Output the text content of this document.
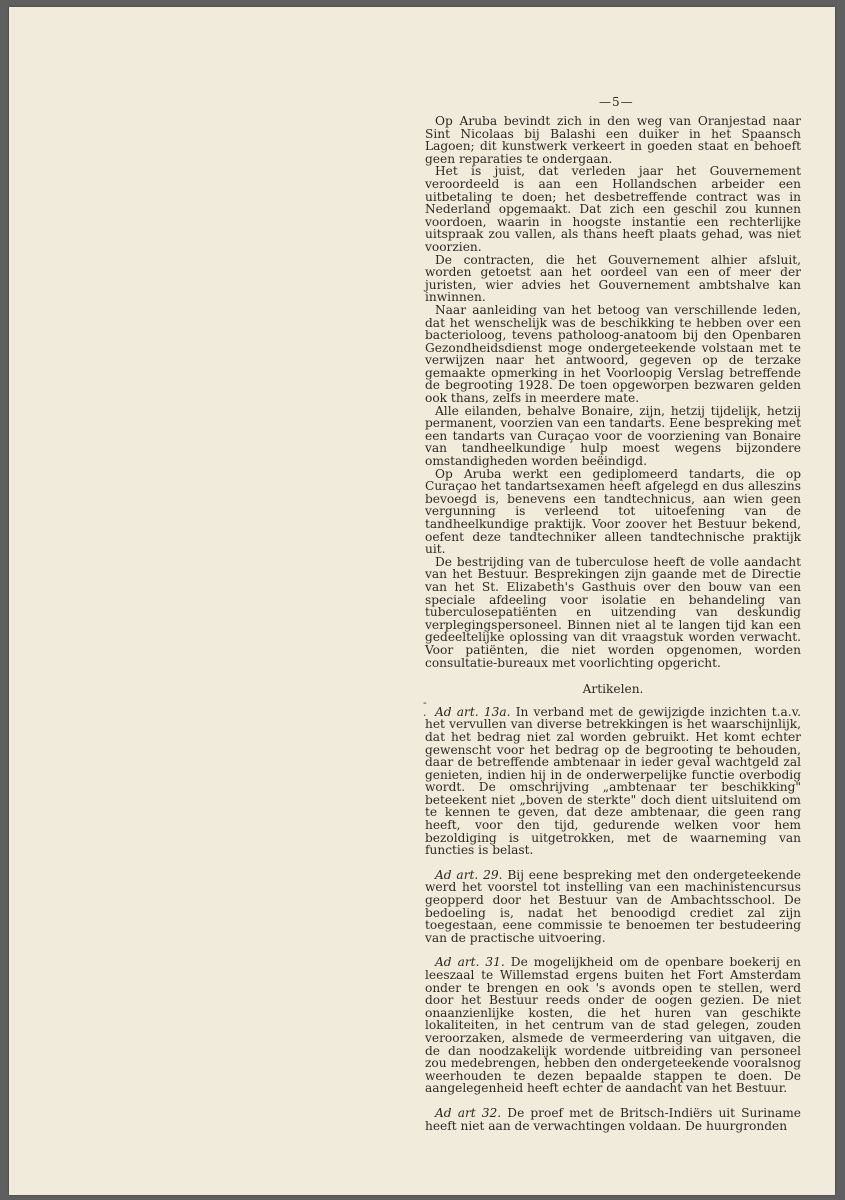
—5—
-
·

Op Aruba bevindt zich in den weg van Oranjestad naar Sint Nicolaas bij Balashi een duiker in het Spaansch Lagoen; dit kunstwerk verkeert in goeden staat en behoeft geen reparaties te ondergaan.

Het is juist, dat verleden jaar het Gouvernement veroordeeld is aan een Hollandschen arbeider een uitbetaling te doen; het desbetreffende contract was in Nederland opgemaakt. Dat zich een geschil zou kunnen voordoen, waarin in hoogste instantie een rechterlijke uitspraak zou vallen, als thans heeft plaats gehad, was niet voorzien.

De contracten, die het Gouvernement alhier afsluit, worden getoetst aan het oordeel van een of meer der juristen, wier advies het Gouvernement ambtshalve kan inwinnen.

Naar aanleiding van het betoog van verschillende leden, dat het wenschelijk was de beschikking te hebben over een bacterioloog, tevens patholoog-anatoom bij den Openbaren Gezondheidsdienst moge ondergeteekende volstaan met te verwijzen naar het antwoord, gegeven op de terzake gemaakte opmerking in het Voorloopig Verslag betreffende de begrooting 1928. De toen opgeworpen bezwaren gelden ook thans, zelfs in meerdere mate.

Alle eilanden, behalve Bonaire, zijn, hetzij tijdelijk, hetzij permanent, voorzien van een tandarts. Eene bespreking met een tandarts van Curaçao voor de voorziening van Bonaire van tandheelkundige hulp moest wegens bijzondere omstandigheden worden beëindigd.

Op Aruba werkt een gediplomeerd tandarts, die op Curaçao het tandartsexamen heeft afgelegd en dus alleszins bevoegd is, benevens een tandtechnicus, aan wien geen vergunning is verleend tot uitoefening van de tandheelkundige praktijk. Voor zoover het Bestuur bekend, oefent deze tandtechniker alleen tandtechnische praktijk uit.

De bestrijding van de tuberculose heeft de volle aandacht van het Bestuur. Besprekingen zijn gaande met de Directie van het St. Elizabeth's Gasthuis over den bouw van een speciale afdeeling voor isolatie en behandeling van tuberculosepatiënten en uitzending van deskundig verplegingspersoneel. Binnen niet al te langen tijd kan een gedeeltelijke oplossing van dit vraagstuk worden verwacht. Voor patiënten, die niet worden opgenomen, worden consultatie-bureaux met voorlichting opgericht.

Artikelen.

Ad art. 13a. In verband met de gewijzigde inzichten t.a.v. het vervullen van diverse betrekkingen is het waarschijnlijk, dat het bedrag niet zal worden gebruikt. Het komt echter gewenscht voor het bedrag op de begrooting te behouden, daar de betreffende ambtenaar in ieder geval wachtgeld zal genieten, indien hij in de onderwerpelijke functie overbodig wordt. De omschrijving „ambtenaar ter beschikking" beteekent niet „boven de sterkte" doch dient uitsluitend om te kennen te geven, dat deze ambtenaar, die geen rang heeft, voor den tijd, gedurende welken voor hem bezoldiging is uitgetrokken, met de waarneming van functies is belast.

Ad art. 29. Bij eene bespreking met den ondergeteekende werd het voorstel tot instelling van een machinistencursus geopperd door het Bestuur van de Ambachtsschool. De bedoeling is, nadat het benoodigd crediet zal zijn toegestaan, eene commissie te benoemen ter bestudeering van de practische uitvoering.

Ad art. 31. De mogelijkheid om de openbare boekerij en leeszaal te Willemstad ergens buiten het Fort Amsterdam onder te brengen en ook 's avonds open te stellen, werd door het Bestuur reeds onder de oogen gezien. De niet onaanzienlijke kosten, die het huren van geschikte lokaliteiten, in het centrum van de stad gelegen, zouden veroorzaken, alsmede de vermeerdering van uitgaven, die de dan noodzakelijk wordende uitbreiding van personeel zou medebrengen, hebben den ondergeteekende vooralsnog weerhouden te dezen bepaalde stappen te doen. De aangelegenheid heeft echter de aandacht van het Bestuur.

Ad art 32. De proef met de Britsch-Indiërs uit Suriname heeft niet aan de verwachtingen voldaan. De huurgronden
